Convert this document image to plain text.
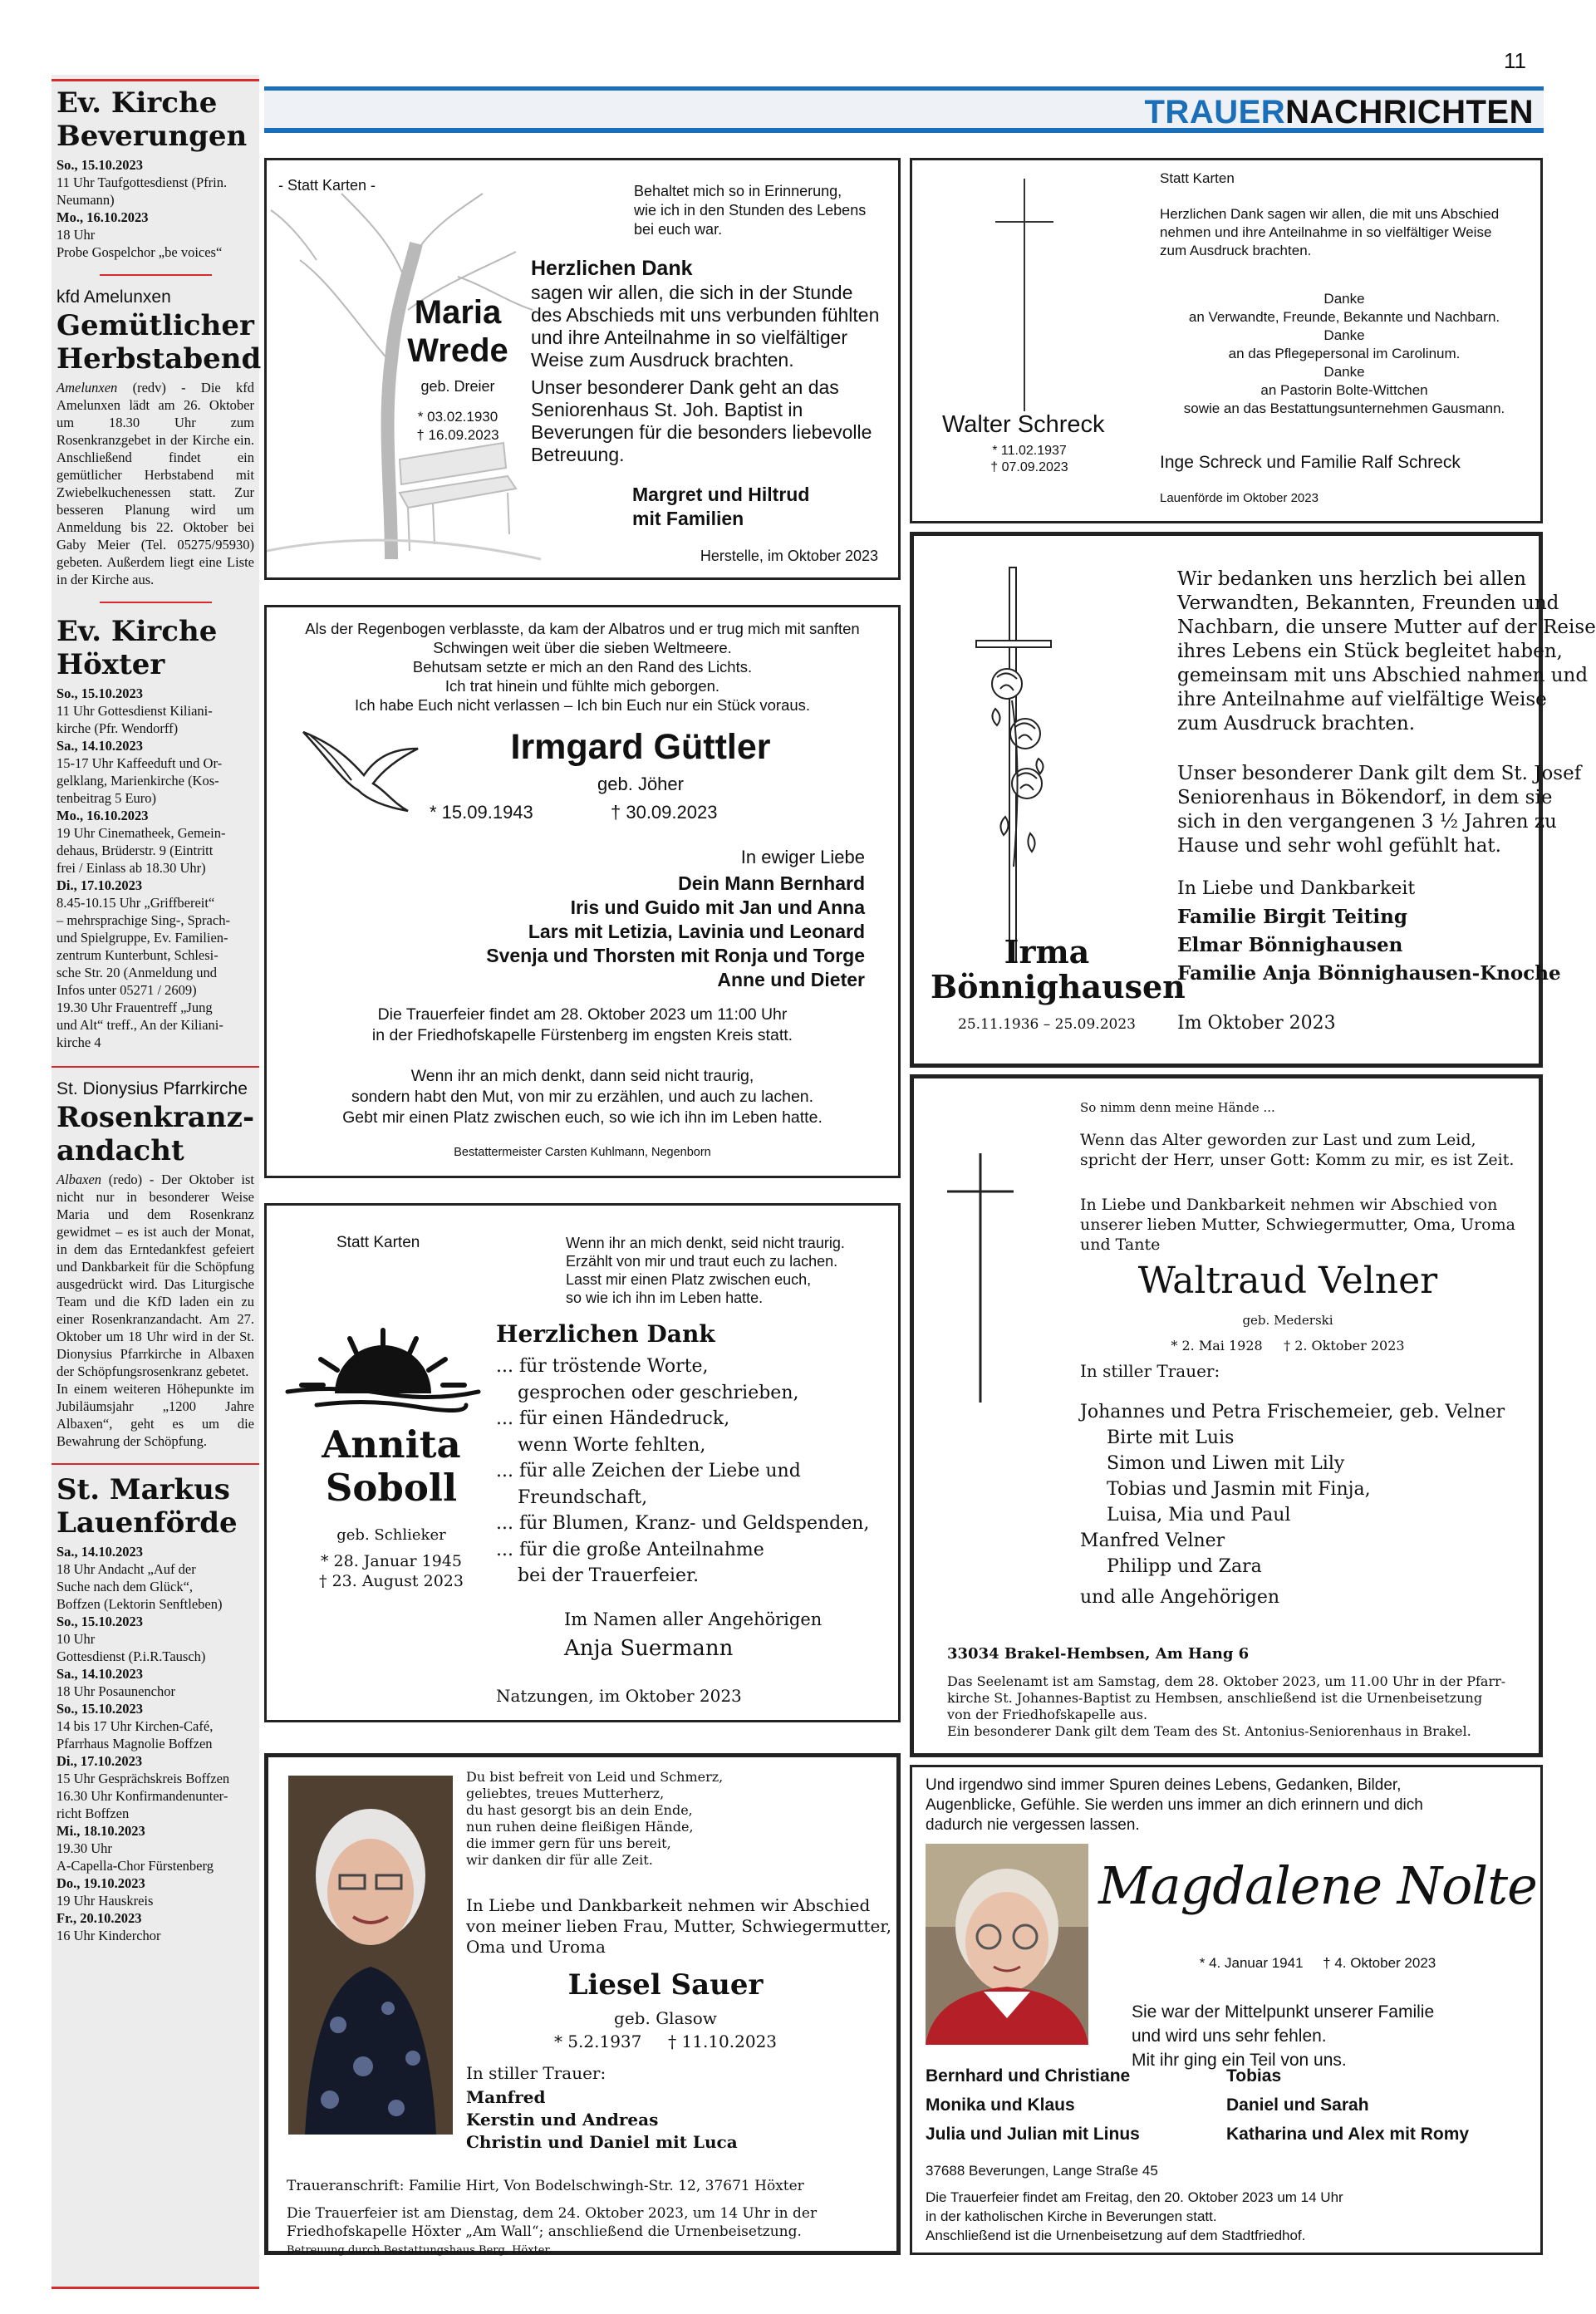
11
TRAUERNACHRICHTEN
Ev. Kirche
Beverungen
So., 15.10.2023
11 Uhr Taufgottesdienst (Pfrin.
Neumann)
Mo., 16.10.2023
18 Uhr
Probe Gospelchor „be voices“
kfd Amelunxen
Gemütlicher
Herbstabend
Amelunxen (redv) - Die kfd Amelunxen lädt am 26. Oktober um 18.30 Uhr zum Rosenkranzgebet in der Kirche ein. Anschließend findet ein gemütlicher Herbstabend mit Zwiebelkuchenessen statt. Zur besseren Planung wird um Anmeldung bis 22. Oktober bei Gaby Meier (Tel. 05275/95930) gebeten. Außerdem liegt eine Liste in der Kirche aus.
Ev. Kirche
Höxter
So., 15.10.2023
11 Uhr Gottesdienst Kiliani-
kirche (Pfr. Wendorff)
Sa., 14.10.2023
15-17 Uhr Kaffeeduft und Or-
gelklang, Marienkirche (Kos-
tenbeitrag 5 Euro)
Mo., 16.10.2023
19 Uhr Cinematheek, Gemein-
dehaus, Brüderstr. 9 (Eintritt
frei / Einlass ab 18.30 Uhr)
Di., 17.10.2023
8.45-10.15 Uhr „Griffbereit“
– mehrsprachige Sing-, Sprach-
und Spielgruppe, Ev. Familien-
zentrum Kunterbunt, Schlesi-
sche Str. 20 (Anmeldung und
Infos unter 05271 / 2609)
19.30 Uhr Frauentreff „Jung
und Alt“ treff., An der Kiliani-
kirche 4
St. Dionysius Pfarrkirche
Rosenkranz-
andacht
Albaxen (redo) - Der Oktober ist nicht nur in besonderer Weise Maria und dem Rosenkranz gewidmet – es ist auch der Monat, in dem das Erntedankfest gefeiert und Dankbarkeit für die Schöpfung ausgedrückt wird. Das Liturgische Team und die KfD laden ein zu einer Rosenkranzandacht. Am 27. Oktober um 18 Uhr wird in der St. Dionysius Pfarrkirche in Albaxen der Schöpfungsrosenkranz gebetet.
In einem weiteren Höhepunkte im Jubiläumsjahr „1200 Jahre Albaxen“, geht es um die Bewahrung der Schöpfung.
St. Markus
Lauenförde
Sa., 14.10.2023
18 Uhr Andacht „Auf der
Suche nach dem Glück“,
Boffzen (Lektorin Senftleben)
So., 15.10.2023
10 Uhr
Gottesdienst (P.i.R.Tausch)
Sa., 14.10.2023
18 Uhr Posaunenchor
So., 15.10.2023
14 bis 17 Uhr Kirchen-Café,
Pfarrhaus Magnolie Boffzen
Di., 17.10.2023
15 Uhr Gesprächskreis Boffzen
16.30 Uhr Konfirmandenunter-
richt Boffzen
Mi., 18.10.2023
19.30 Uhr
A-Capella-Chor Fürstenberg
Do., 19.10.2023
19 Uhr Hauskreis
Fr., 20.10.2023
16 Uhr Kinderchor
- Statt Karten -	Behaltet mich so in Erinnerung,
wie ich in den Stunden des Lebens
bei euch war.
Maria
Wrede
geb. Dreier
* 03.02.1930
† 16.09.2023
Herzlichen Dank
sagen wir allen, die sich in der Stunde
des Abschieds mit uns verbunden fühlten
und ihre Anteilnahme in so vielfältiger
Weise zum Ausdruck brachten.
Unser besonderer Dank geht an das
Seniorenhaus St. Joh. Baptist in
Beverungen für die besonders liebevolle
Betreuung.
Margret und Hiltrud
mit Familien
Herstelle, im Oktober 2023
Walter Schreck
* 11.02.1937
† 07.09.2023
Statt Karten
Herzlichen Dank sagen wir allen, die mit uns Abschied
nehmen und ihre Anteilnahme in so vielfältiger Weise
zum Ausdruck brachten.
Danke
an Verwandte, Freunde, Bekannte und Nachbarn.
Danke
an das Pflegepersonal im Carolinum.
Danke
an Pastorin Bolte-Wittchen
sowie an das Bestattungsunternehmen Gausmann.
Inge Schreck und Familie Ralf Schreck
Lauenförde im Oktober 2023
Als der Regenbogen verblasste, da kam der Albatros und er trug mich mit sanften
Schwingen weit über die sieben Weltmeere.
Behutsam setzte er mich an den Rand des Lichts.
Ich trat hinein und fühlte mich geborgen.
Ich habe Euch nicht verlassen – Ich bin Euch nur ein Stück voraus.
Irmgard Güttler
geb. Jöher
* 15.09.1943	† 30.09.2023
In ewiger Liebe
Dein Mann Bernhard
Iris und Guido mit Jan und Anna
Lars mit Letizia, Lavinia und Leonard
Svenja und Thorsten mit Ronja und Torge
Anne und Dieter
Die Trauerfeier findet am 28. Oktober 2023 um 11:00 Uhr
in der Friedhofskapelle Fürstenberg im engsten Kreis statt.
Wenn ihr an mich denkt, dann seid nicht traurig,
sondern habt den Mut, von mir zu erzählen, und auch zu lachen.
Gebt mir einen Platz zwischen euch, so wie ich ihn im Leben hatte.
Bestattermeister Carsten Kuhlmann, Negenborn
Irma
Bönnighausen
25.11.1936 – 25.09.2023
Wir bedanken uns herzlich bei allen
Verwandten, Bekannten, Freunden und
Nachbarn, die unsere Mutter auf der Reise
ihres Lebens ein Stück begleitet haben,
gemeinsam mit uns Abschied nahmen und
ihre Anteilnahme auf vielfältige Weise
zum Ausdruck brachten.
Unser besonderer Dank gilt dem St. Josef
Seniorenhaus in Bökendorf, in dem sie
sich in den vergangenen 3 ½ Jahren zu
Hause und sehr wohl gefühlt hat.
In Liebe und Dankbarkeit
Familie Birgit Teiting
Elmar Bönnighausen
Familie Anja Bönnighausen-Knoche
Im Oktober 2023
Statt Karten	Wenn ihr an mich denkt, seid nicht traurig.
Erzählt von mir und traut euch zu lachen.
Lasst mir einen Platz zwischen euch,
so wie ich ihn im Leben hatte.
Annita
Soboll
geb. Schlieker
* 28. Januar 1945
† 23. August 2023
Herzlichen Dank
... für tröstende Worte,
gesprochen oder geschrieben,
... für einen Händedruck,
wenn Worte fehlten,
... für alle Zeichen der Liebe und
Freundschaft,
... für Blumen, Kranz- und Geldspenden,
... für die große Anteilnahme
bei der Trauerfeier.
Im Namen aller Angehörigen
Anja Suermann
Natzungen, im Oktober 2023
So nimm denn meine Hände ...
Wenn das Alter geworden zur Last und zum Leid,
spricht der Herr, unser Gott: Komm zu mir, es ist Zeit.
In Liebe und Dankbarkeit nehmen wir Abschied von
unserer lieben Mutter, Schwiegermutter, Oma, Uroma
und Tante
Waltraud Velner
geb. Mederski
* 2. Mai 1928     † 2. Oktober 2023
In stiller Trauer:
Johannes und Petra Frischemeier, geb. Velner
Birte mit Luis
Simon und Liwen mit Lily
Tobias und Jasmin mit Finja,
Luisa, Mia und Paul
Manfred Velner
Philipp und Zara
und alle Angehörigen
33034 Brakel-Hembsen, Am Hang 6
Das Seelenamt ist am Samstag, dem 28. Oktober 2023, um 11.00 Uhr in der Pfarr-
kirche St. Johannes-Baptist zu Hembsen, anschließend ist die Urnenbeisetzung
von der Friedhofskapelle aus.
Ein besonderer Dank gilt dem Team des St. Antonius-Seniorenhaus in Brakel.
Du bist befreit von Leid und Schmerz,
geliebtes, treues Mutterherz,
du hast gesorgt bis an dein Ende,
nun ruhen deine fleißigen Hände,
die immer gern für uns bereit,
wir danken dir für alle Zeit.
In Liebe und Dankbarkeit nehmen wir Abschied
von meiner lieben Frau, Mutter, Schwiegermutter,
Oma und Uroma
Liesel Sauer
geb. Glasow
* 5.2.1937     † 11.10.2023
In stiller Trauer:
Manfred
Kerstin und Andreas
Christin und Daniel mit Luca
Traueranschrift: Familie Hirt, Von Bodelschwingh-Str. 12, 37671 Höxter
Die Trauerfeier ist am Dienstag, dem 24. Oktober 2023, um 14 Uhr in der
Friedhofskapelle Höxter „Am Wall“; anschließend die Urnenbeisetzung.
Betreuung durch Bestattungshaus Berg, Höxter.
Und irgendwo sind immer Spuren deines Lebens, Gedanken, Bilder,
Augenblicke, Gefühle. Sie werden uns immer an dich erinnern und dich
dadurch nie vergessen lassen.
Magdalene Nolte
* 4. Januar 1941     † 4. Oktober 2023
Sie war der Mittelpunkt unserer Familie
und wird uns sehr fehlen.
Mit ihr ging ein Teil von uns.
Bernhard und Christiane
Monika und Klaus
Julia und Julian mit Linus
Tobias
Daniel und Sarah
Katharina und Alex mit Romy
37688 Beverungen, Lange Straße 45
Die Trauerfeier findet am Freitag, den 20. Oktober 2023 um 14 Uhr
in der katholischen Kirche in Beverungen statt.
Anschließend ist die Urnenbeisetzung auf dem Stadtfriedhof.
